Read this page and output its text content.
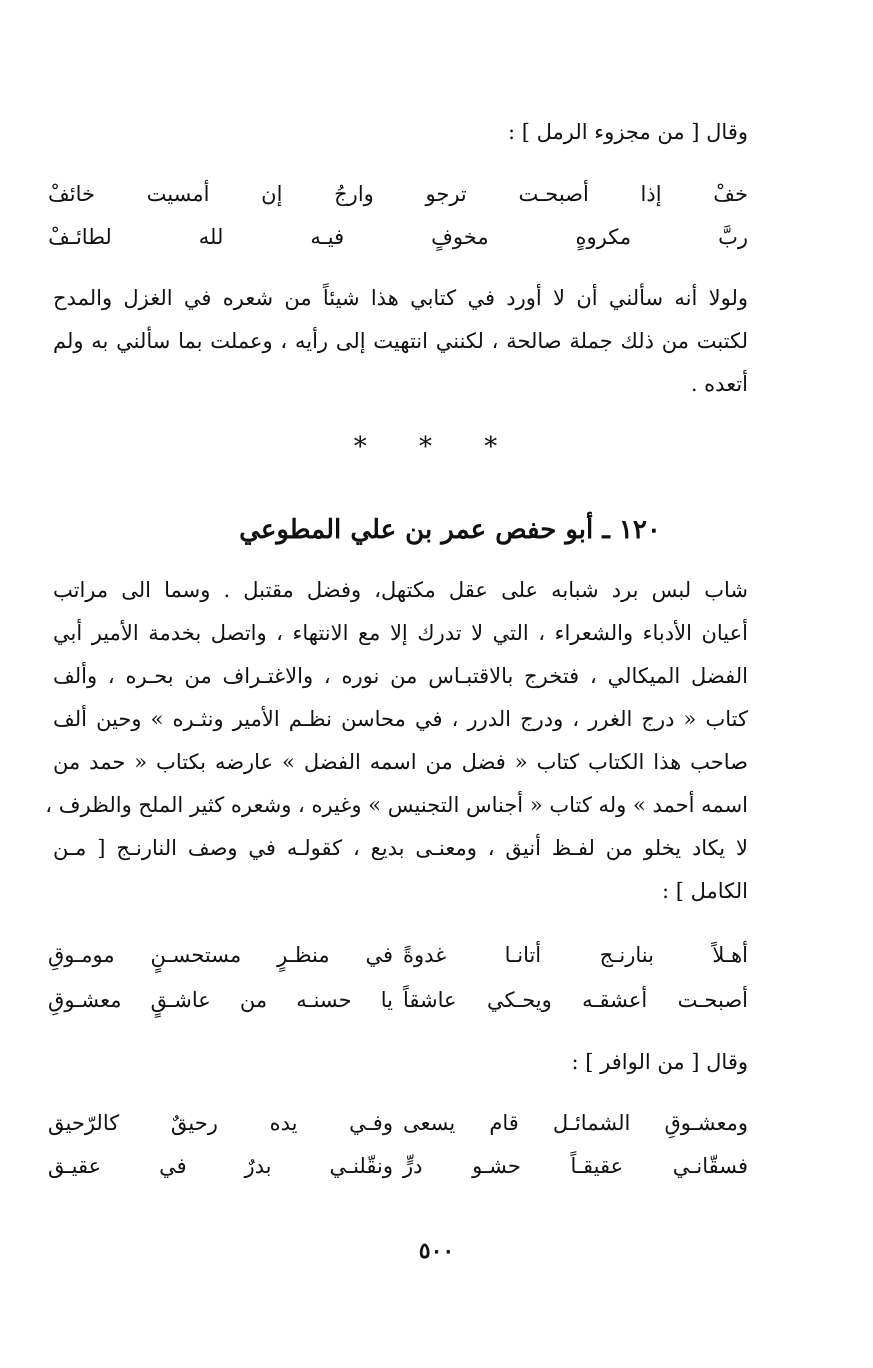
وقال [ من مجزوء الرمل ] :
خفْ
إذا
أصبحـت
ترجو
وارجُ
إن
أمسيت
خائفْ
ربَّ
مكروهٍ
مخوفٍ
فيـه
لله
لطائـفْ
ولولا أنه سألني أن لا أورد في كتابي هذا شيئاً من شعره في الغزل والمدح
لكتبت من ذلك جملة صالحة ، لكنني انتهيت إلى رأيه ، وعملت بما سألني به ولم
أتعده .
* * *
١٢٠ ـ أبو حفص عمر بن علي المطوعي
شاب لبس برد شبابه على عقل مكتهل، وفضل مقتبل . وسما الى مراتب
أعيان الأدباء والشعراء ، التي لا تدرك إلا مع الانتهاء ، واتصل بخدمة الأمير أبي
الفضل الميكالي ، فتخرج بالاقتبـاس من نوره ، والاغتـراف من بحـره ، وألف
كتاب « درج الغرر ، ودرج الدرر ، في محاسن نظـم الأمير ونثـره » وحين ألف
صاحب هذا الكتاب كتاب « فضل من اسمه الفضل » عارضه بكتاب « حمد من
اسمه أحمد » وله كتاب « أجناس التجنيس » وغيره ، وشعره كثير الملح والظرف ،
لا يكاد يخلو من لفـظ أنيق ، ومعنـى بديع ، كقولـه في وصف النارنـج [ مـن
الكامل ] :
أهـلاً
بنارنـج
أتانـا
غدوةً
في
منظـرٍ
مستحسـنٍ
مومـوقِ
أصبحـت
أعشقـه
ويحـكي
عاشقاً
يا
حسنـه
من
عاشـقٍ
معشـوقِ
وقال [ من الوافر ] :
ومعشـوقِ
الشمائـل
قام
يسعى
وفـي
يده
رحيقٌ
كالرّحيق
فسقّانـي
عقيقـاً
حشـو
درٍّ
ونقّلنـي
بدرٌ
في
عقيـق
٥٠٠
